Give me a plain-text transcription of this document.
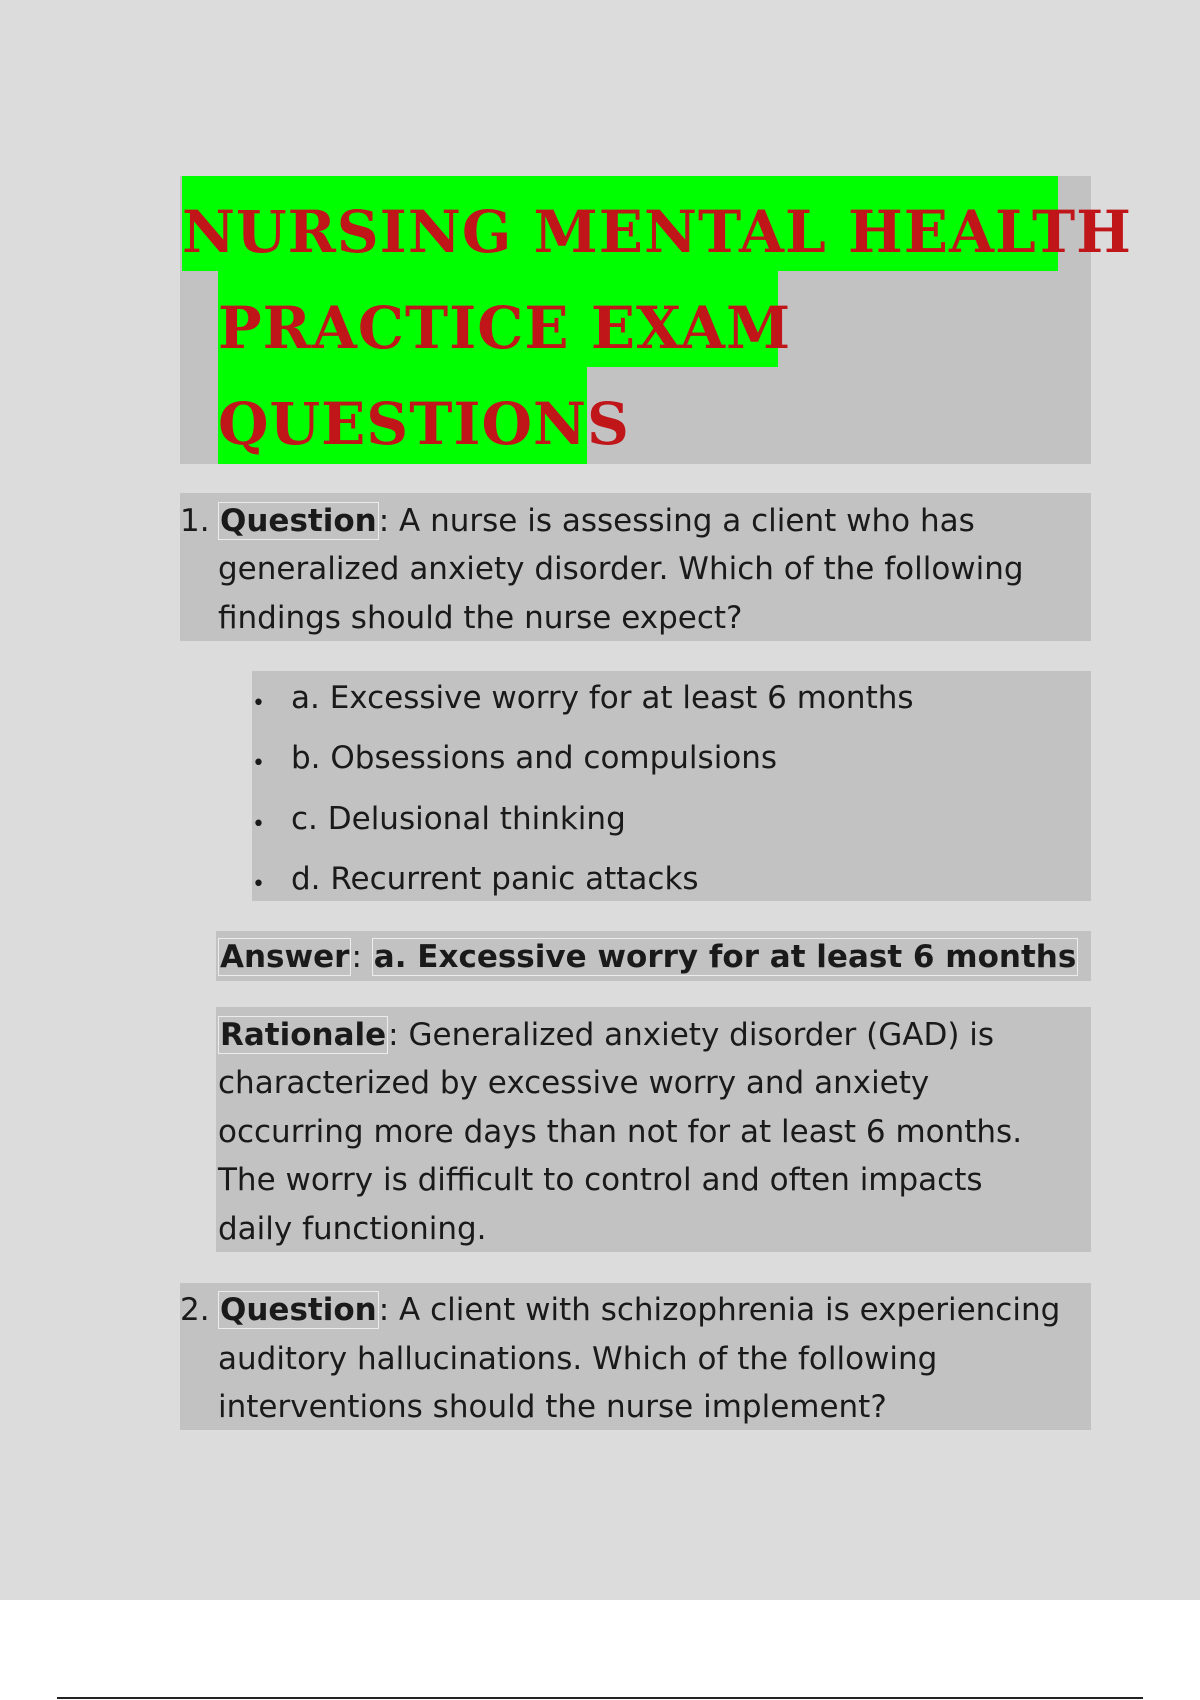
NURSING MENTAL HEALTH
PRACTICE EXAM
QUESTIONS
1. Question: A nurse is assessing a client who has
generalized anxiety disorder. Which of the following
findings should the nurse expect?
• a. Excessive worry for at least 6 months
• b. Obsessions and compulsions
• c. Delusional thinking
• d. Recurrent panic attacks
Answer: a. Excessive worry for at least 6 months
Rationale: Generalized anxiety disorder (GAD) is
characterized by excessive worry and anxiety
occurring more days than not for at least 6 months.
The worry is difficult to control and often impacts
daily functioning.
2. Question: A client with schizophrenia is experiencing
auditory hallucinations. Which of the following
interventions should the nurse implement?
